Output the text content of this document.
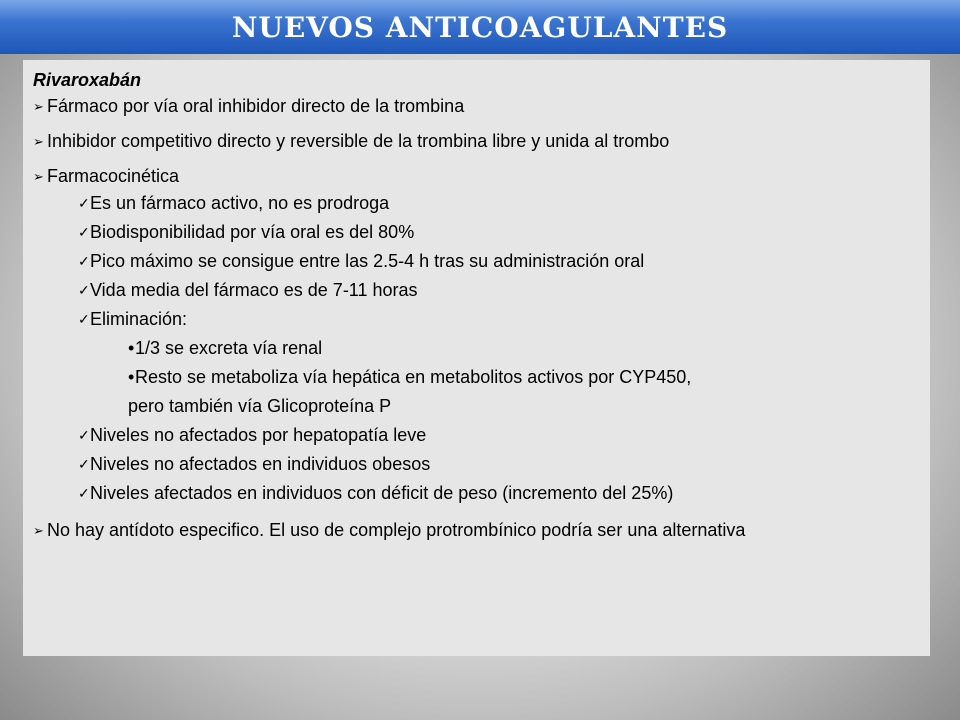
NUEVOS ANTICOAGULANTES
Rivaroxabán
➢ Fármaco por vía oral inhibidor directo de la trombina
➢ Inhibidor competitivo directo y reversible de la trombina libre y unida al trombo
➢ Farmacocinética
✓ Es un fármaco activo, no es prodroga
✓ Biodisponibilidad por vía oral es del 80%
✓ Pico máximo se consigue entre las 2.5-4 h tras su administración oral
✓ Vida media del fármaco es de 7-11 horas
✓ Eliminación:
• 1/3 se excreta vía renal
• Resto se metaboliza vía hepática en metabolitos activos por CYP450,
pero también vía Glicoproteína P
✓ Niveles no afectados por hepatopatía leve
✓ Niveles no afectados en individuos obesos
✓ Niveles afectados en individuos con déficit de peso (incremento del 25%)
➢ No hay antídoto especifico. El uso de complejo protrombínico podría ser una alternativa
